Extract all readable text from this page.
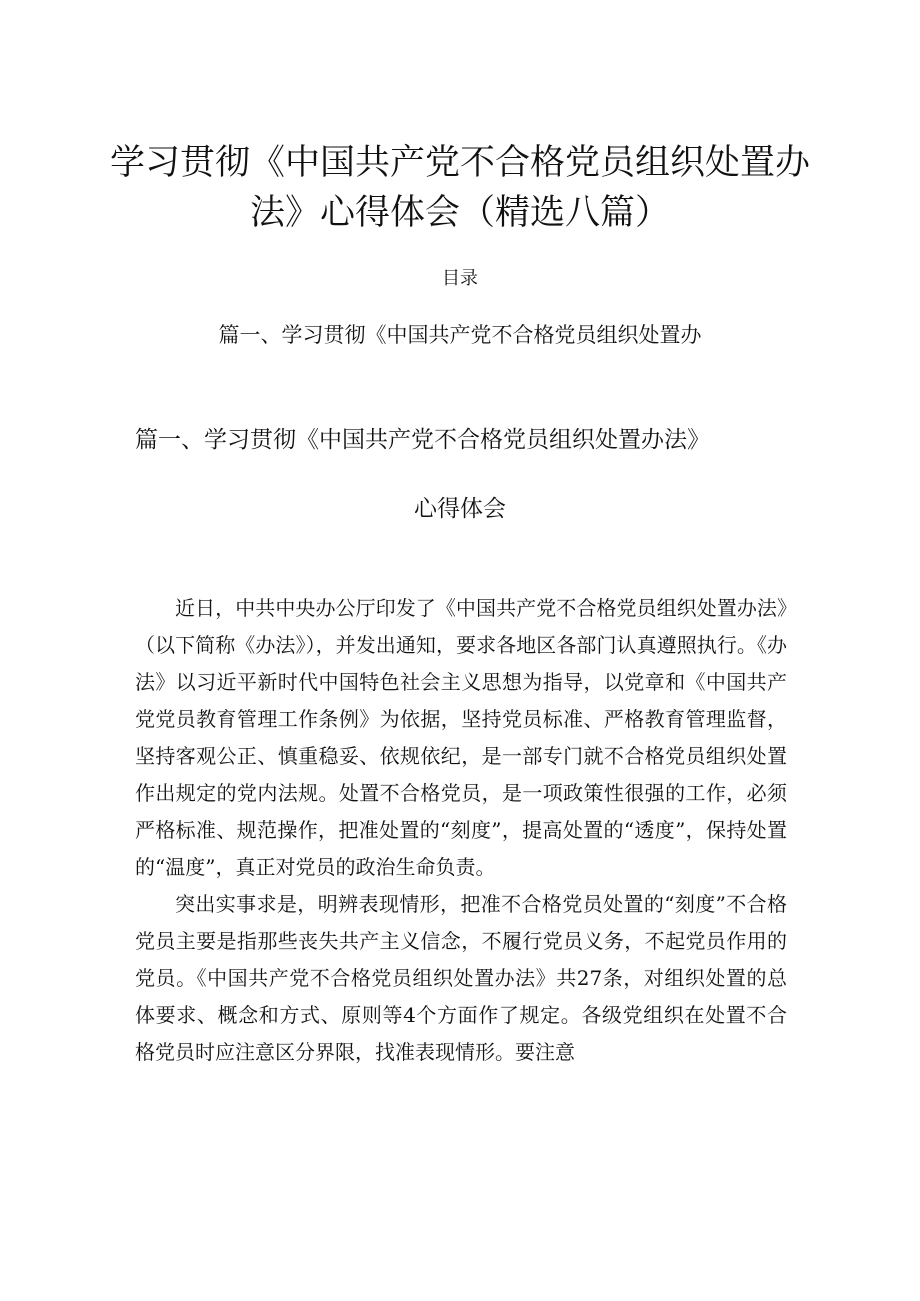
学习贯彻《中国共产党不合格党员组织处置办法》心得体会（精选八篇）
目录
篇一、学习贯彻《中国共产党不合格党员组织处置办
篇一、学习贯彻《中国共产党不合格党员组织处置办法》
心得体会

近日，中共中央办公厅印发了《中国共产党不合格党员组织处置办法》（以下简称《办法》），并发出通知，要求各地区各部门认真遵照执行。《办法》以习近平新时代中国特色社会主义思想为指导，以党章和《中国共产党党员教育管理工作条例》为依据，坚持党员标准、严格教育管理监督，坚持客观公正、慎重稳妥、依规依纪，是一部专门就不合格党员组织处置作出规定的党内法规。处置不合格党员，是一项政策性很强的工作，必须严格标准、规范操作，把准处置的“刻度”，提高处置的“透度”，保持处置的“温度”，真正对党员的政治生命负责。

突出实事求是，明辨表现情形，把准不合格党员处置的“刻度”不合格党员主要是指那些丧失共产主义信念，不履行党员义务，不起党员作用的党员。《中国共产党不合格党员组织处置办法》共27条，对组织处置的总体要求、概念和方式、原则等4个方面作了规定。各级党组织在处置不合格党员时应注意区分界限，找准表现情形。要注意
